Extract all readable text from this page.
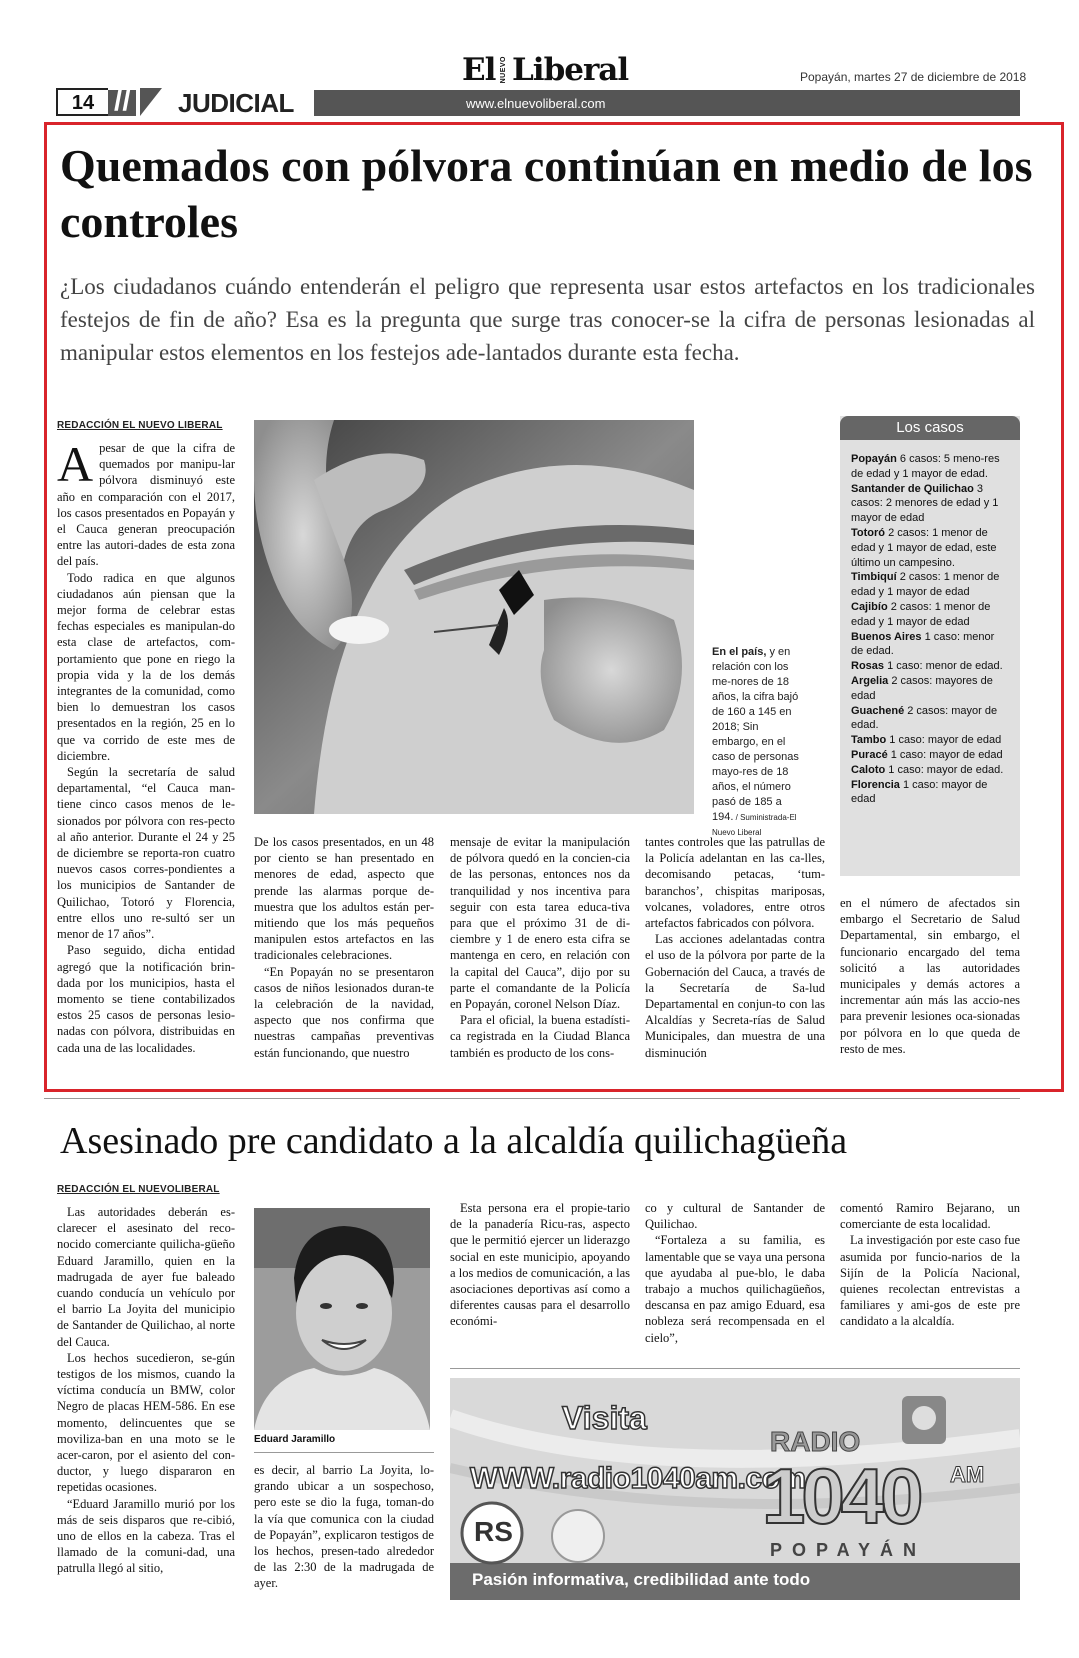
El NUEVO Liberal	Popayán, martes 27 de diciembre de 2018
14 //	JUDICIAL	www.elnuevoliberal.com
Quemados con pólvora continúan en medio de los controles

¿Los ciudadanos cuándo entenderán el peligro que representa usar estos artefactos en los tradicionales festejos de fin de año? Esa es la pregunta que surge tras conocer-se la cifra de personas lesionadas al manipular estos elementos en los festejos ade-lantados durante esta fecha.

REDACCIÓN EL NUEVO LIBERAL

Apesar de que la cifra de quemados por manipu-lar pólvora disminuyó este año en comparación con el 2017, los casos presentados en Popayán y el Cauca generan preocupación entre las autori-dades de esta zona del país.

Todo radica en que algunos ciudadanos aún piensan que la mejor forma de celebrar estas fechas especiales es manipulan-do esta clase de artefactos, com-portamiento que pone en riego la propia vida y la de los demás integrantes de la comunidad, como bien lo demuestran los casos presentados en la región, 25 en lo que va corrido de este mes de diciembre.

Según la secretaría de salud departamental, “el Cauca man-tiene cinco casos menos de le-sionados por pólvora con res-pecto al año anterior. Durante el 24 y 25 de diciembre se reporta-ron cuatro nuevos casos corres-pondientes a los municipios de Santander de Quilichao, Totoró y Florencia, entre ellos uno re-sultó ser un menor de 17 años”.

Paso seguido, dicha entidad agregó que la notificación brin-dada por los municipios, hasta el momento se tiene contabilizados estos 25 casos de personas lesio-nadas con pólvora, distribuidas en cada una de las localidades.

En el país, y en relación con los me-nores de 18 años, la cifra bajó de 160 a 145 en 2018; Sin embargo, en el caso de personas mayo-res de 18 años, el número pasó de 185 a 194. / Suministrada-El Nuevo Liberal
Los casos
Popayán 6 casos: 5 meno-res de edad y 1 mayor de edad.
Santander de Quilichao 3 casos: 2 menores de edad y 1 mayor de edad
Totoró 2 casos: 1 menor de edad y 1 mayor de edad, este último un campesino.
Timbiquí 2 casos: 1 menor de edad y 1 mayor de edad
Cajibío 2 casos: 1 menor de edad y 1 mayor de edad
Buenos Aires 1 caso: menor de edad.
Rosas 1 caso: menor de edad.
Argelia 2 casos: mayores de edad
Guachené 2 casos: mayor de edad.
Tambo 1 caso: mayor de edad Puracé 1 caso: mayor de edad
Caloto 1 caso: mayor de edad. Florencia 1 caso: mayor de edad

De los casos presentados, en un 48 por ciento se han presentado en menores de edad, aspecto que prende las alarmas porque de-muestra que los adultos están per-mitiendo que los más pequeños manipulen estos artefactos en las tradicionales celebraciones.

“En Popayán no se presentaron casos de niños lesionados duran-te la celebración de la navidad, aspecto que nos confirma que nuestras campañas preventivas están funcionando, que nuestro

mensaje de evitar la manipulación de pólvora quedó en la concien-cia de las personas, entonces nos da tranquilidad y nos incentiva para seguir con esta tarea educa-tiva para que el próximo 31 de di-ciembre y 1 de enero esta cifra se mantenga en cero, en relación con la capital del Cauca”, dijo por su parte el comandante de la Policía en Popayán, coronel Nelson Díaz.

Para el oficial, la buena estadísti-ca registrada en la Ciudad Blanca también es producto de los cons-

tantes controles que las patrullas de la Policía adelantan en las ca-lles, decomisando petacas, ‘tum-baranchos’, chispitas mariposas, volcanes, voladores, entre otros artefactos fabricados con pólvora.

Las acciones adelantadas contra el uso de la pólvora por parte de la Gobernación del Cauca, a través de la Secretaría de Sa-lud Departamental en conjun-to con las Alcaldías y Secreta-rías de Salud Municipales, dan muestra de una disminución

en el número de afectados sin embargo el Secretario de Salud Departamental, sin embargo, el funcionario encargado del tema solicitó a las autoridades municipales y demás actores a incrementar aún más las accio-nes para prevenir lesiones oca-sionadas por pólvora en lo que queda de resto de mes.

Asesinado pre candidato a la alcaldía quilichagüeña
REDACCIÓN EL NUEVOLIBERAL

Las autoridades deberán es-clarecer el asesinato del reco-nocido comerciante quilicha-güeño Eduard Jaramillo, quien en la madrugada de ayer fue baleado cuando conducía un vehículo por el barrio La Joyita del municipio de Santander de Quilichao, al norte del Cauca.

Los hechos sucedieron, se-gún testigos de los mismos, cuando la víctima conducía un BMW, color Negro de placas HEM-586. En ese momento, delincuentes que se moviliza-ban en una moto se le acer-caron, por el asiento del con-ductor, y luego dispararon en repetidas ocasiones.

“Eduard Jaramillo murió por los más de seis disparos que re-cibió, uno de ellos en la cabeza. Tras el llamado de la comuni-dad, una patrulla llegó al sitio,

Eduard Jaramillo

es decir, al barrio La Joyita, lo-grando ubicar a un sospechoso, pero este se dio la fuga, toman-do la vía que comunica con la ciudad de Popayán”, explicaron testigos de los hechos, presen-tado alrededor de las 2:30 de la madrugada de ayer.

Esta persona era el propie-tario de la panadería Ricu-ras, aspecto que le permitió ejercer un liderazgo social en este municipio, apoyando a los medios de comunicación, a las asociaciones deportivas así como a diferentes causas para el desarrollo económi-

co y cultural de Santander de Quilichao.

“Fortaleza a su familia, es lamentable que se vaya una persona que ayudaba al pue-blo, le daba trabajo a muchos quilichagüeños, descansa en paz amigo Eduard, esa nobleza será recompensada en el cielo”,

comentó Ramiro Bejarano, un comerciante de esta localidad.

La investigación por este caso fue asumida por funcio-narios de la Sijín de la Policía Nacional, quienes recolectan entrevistas a familiares y ami-gos de este pre candidato a la alcaldía.

Visita
WWW.radio1040am.com
RADIO
1040 AM
POPAYÁN
RS
Pasión informativa, credibilidad ante todo
